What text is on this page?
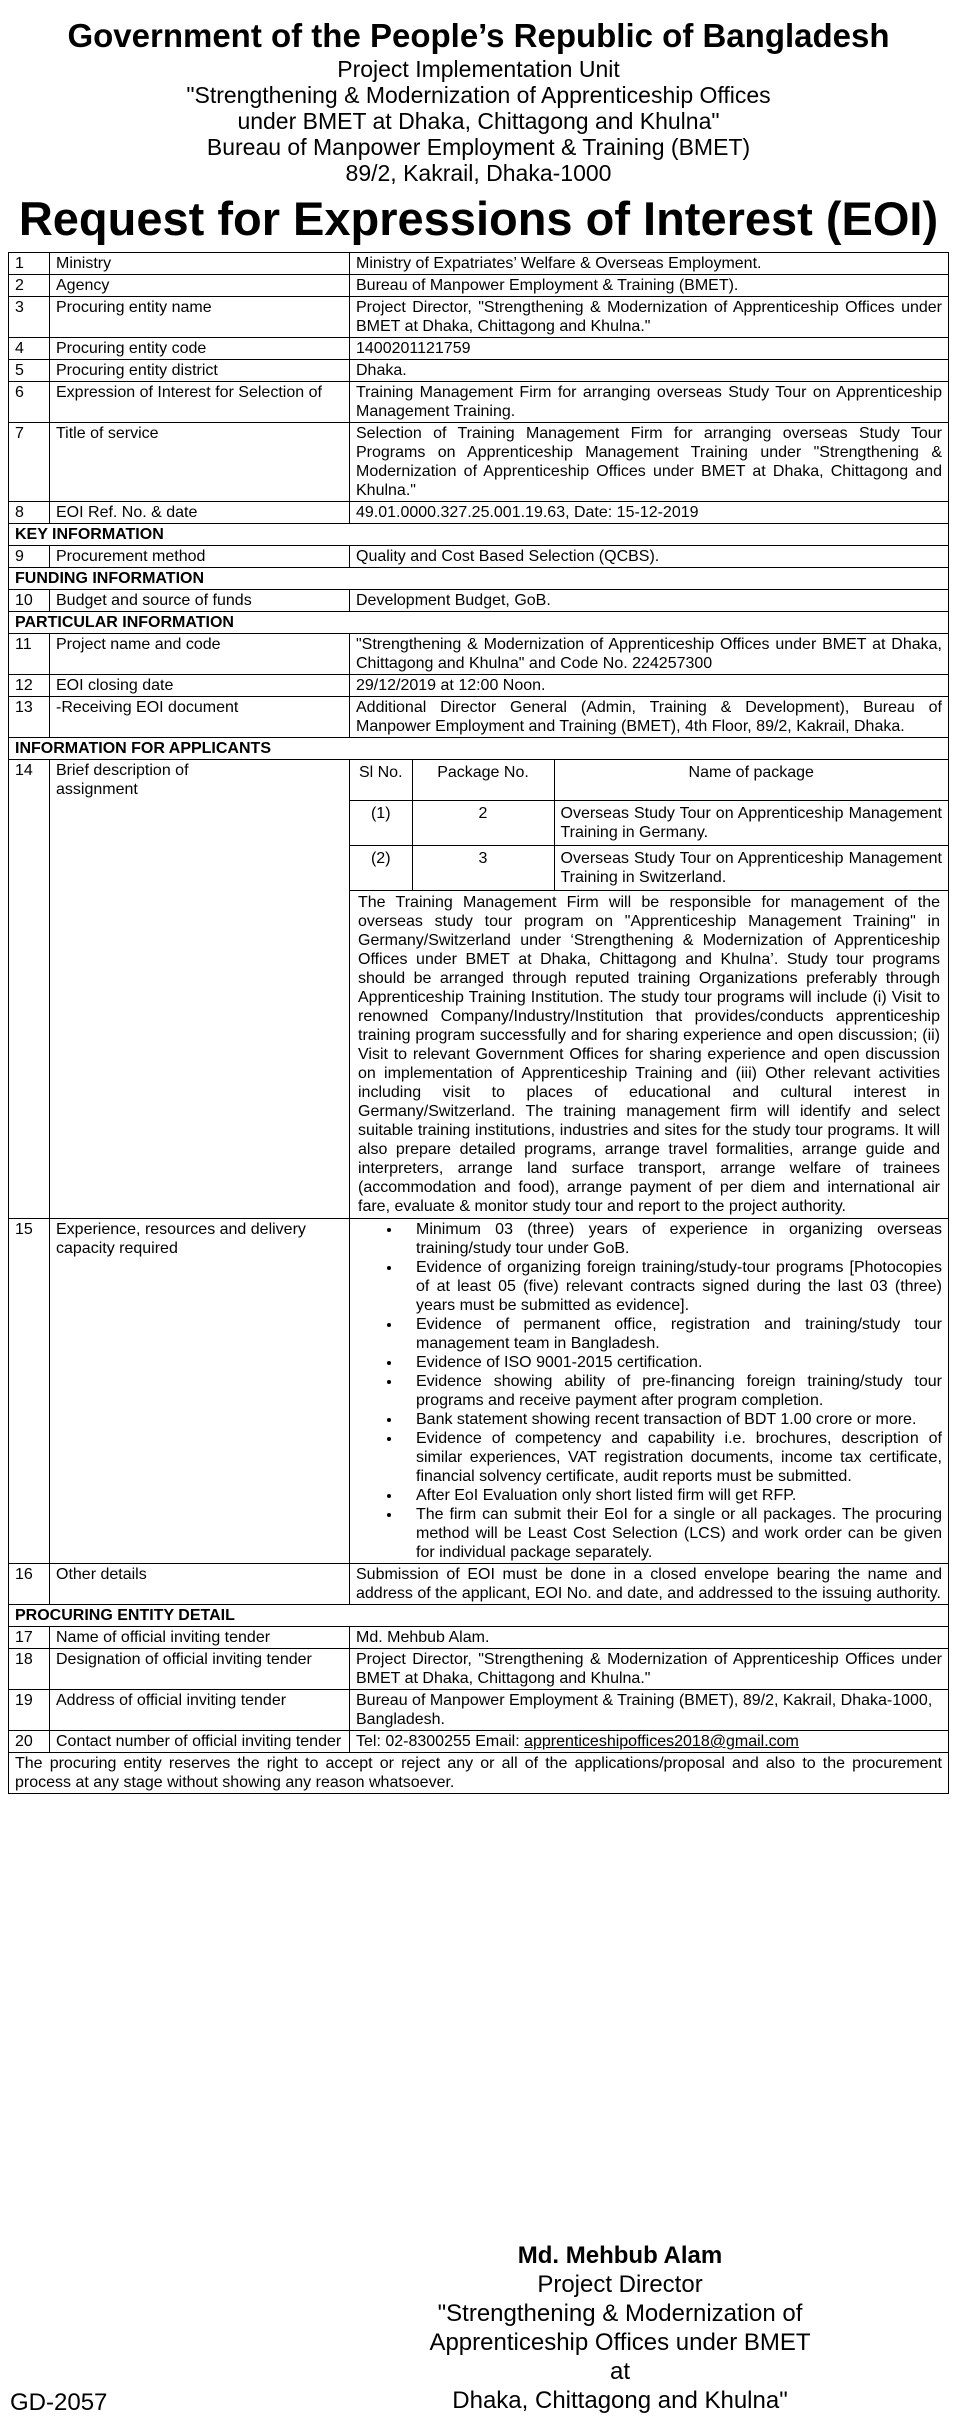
Government of the People’s Republic of Bangladesh
Project Implementation Unit
"Strengthening & Modernization of Apprenticeship Offices
under BMET at Dhaka, Chittagong and Khulna"
Bureau of Manpower Employment & Training (BMET)
89/2, Kakrail, Dhaka-1000
Request for Expressions of Interest (EOI)
1	Ministry	Ministry of Expatriates’ Welfare & Overseas Employment.
2	Agency	Bureau of Manpower Employment & Training (BMET).
3	Procuring entity name	Project Director, "Strengthening & Modernization of Apprenticeship Offices under BMET at Dhaka, Chittagong and Khulna."
4	Procuring entity code	1400201121759
5	Procuring entity district	Dhaka.
6	Expression of Interest for Selection of	Training Management Firm for arranging overseas Study Tour on Apprenticeship Management Training.
7	Title of service	Selection of Training Management Firm for arranging overseas Study Tour Programs on Apprenticeship Management Training under "Strengthening & Modernization of Apprenticeship Offices under BMET at Dhaka, Chittagong and Khulna."
8	EOI Ref. No. & date	49.01.0000.327.25.001.19.63, Date: 15-12-2019
KEY INFORMATION
9	Procurement method	Quality and Cost Based Selection (QCBS).
FUNDING INFORMATION
10	Budget and source of funds	Development Budget, GoB.
PARTICULAR INFORMATION
11	Project name and code	"Strengthening & Modernization of Apprenticeship Offices under BMET at Dhaka, Chittagong and Khulna" and Code No. 224257300
12	EOI closing date	29/12/2019 at 12:00 Noon.
13	-Receiving EOI document	Additional Director General (Admin, Training & Development), Bureau of Manpower Employment and Training (BMET), 4th Floor, 89/2, Kakrail, Dhaka.
INFORMATION FOR APPLICANTS
14	Brief description of assignment	
Sl No.	Package No.	Name of package
(1)	2	Overseas Study Tour on Apprenticeship Management Training in Germany.
(2)	3	Overseas Study Tour on Apprenticeship Management Training in Switzerland.
The Training Management Firm will be responsible for management of the overseas study tour program on "Apprenticeship Management Training" in Germany/Switzerland under ‘Strengthening & Modernization of Apprenticeship Offices under BMET at Dhaka, Chittagong and Khulna’. Study tour programs should be arranged through reputed training Organizations preferably through Apprenticeship Training Institution. The study tour programs will include (i) Visit to renowned Company/Industry/Institution that provides/conducts apprenticeship training program successfully and for sharing experience and open discussion; (ii) Visit to relevant Government Offices for sharing experience and open discussion on implementation of Apprenticeship Training and (iii) Other relevant activities including visit to places of educational and cultural interest in Germany/Switzerland. The training management firm will identify and select suitable training institutions, industries and sites for the study tour programs. It will also prepare detailed programs, arrange travel formalities, arrange guide and interpreters, arrange land surface transport, arrange welfare of trainees (accommodation and food), arrange payment of per diem and international air fare, evaluate & monitor study tour and report to the project authority.

15	Experience, resources and delivery capacity required	
• Minimum 03 (three) years of experience in organizing overseas training/study tour under GoB.
• Evidence of organizing foreign training/study-tour programs [Photocopies of at least 05 (five) relevant contracts signed during the last 03 (three) years must be submitted as evidence].
• Evidence of permanent office, registration and training/study tour management team in Bangladesh.
• Evidence of ISO 9001-2015 certification.
• Evidence showing ability of pre-financing foreign training/study tour programs and receive payment after program completion.
• Bank statement showing recent transaction of BDT 1.00 crore or more.
• Evidence of competency and capability i.e. brochures, description of similar experiences, VAT registration documents, income tax certificate, financial solvency certificate, audit reports must be submitted.
• After EoI Evaluation only short listed firm will get RFP.
• The firm can submit their EoI for a single or all packages. The procuring method will be Least Cost Selection (LCS) and work order can be given for individual package separately.

16	Other details	Submission of EOI must be done in a closed envelope bearing the name and address of the applicant, EOI No. and date, and addressed to the issuing authority.
PROCURING ENTITY DETAIL
17	Name of official inviting tender	Md. Mehbub Alam.
18	Designation of official inviting tender	Project Director, "Strengthening & Modernization of Apprenticeship Offices under BMET at Dhaka, Chittagong and Khulna."
19	Address of official inviting tender	Bureau of Manpower Employment & Training (BMET), 89/2, Kakrail, Dhaka-1000, Bangladesh.
20	Contact number of official inviting tender	Tel: 02-8300255 Email: apprenticeshipoffices2018@gmail.com
The procuring entity reserves the right to accept or reject any or all of the applications/proposal and also to the procurement process at any stage without showing any reason whatsoever.

Md. Mehbub Alam
Project Director
"Strengthening & Modernization of
Apprenticeship Offices under BMET at
Dhaka, Chittagong and Khulna"
GD-2057
